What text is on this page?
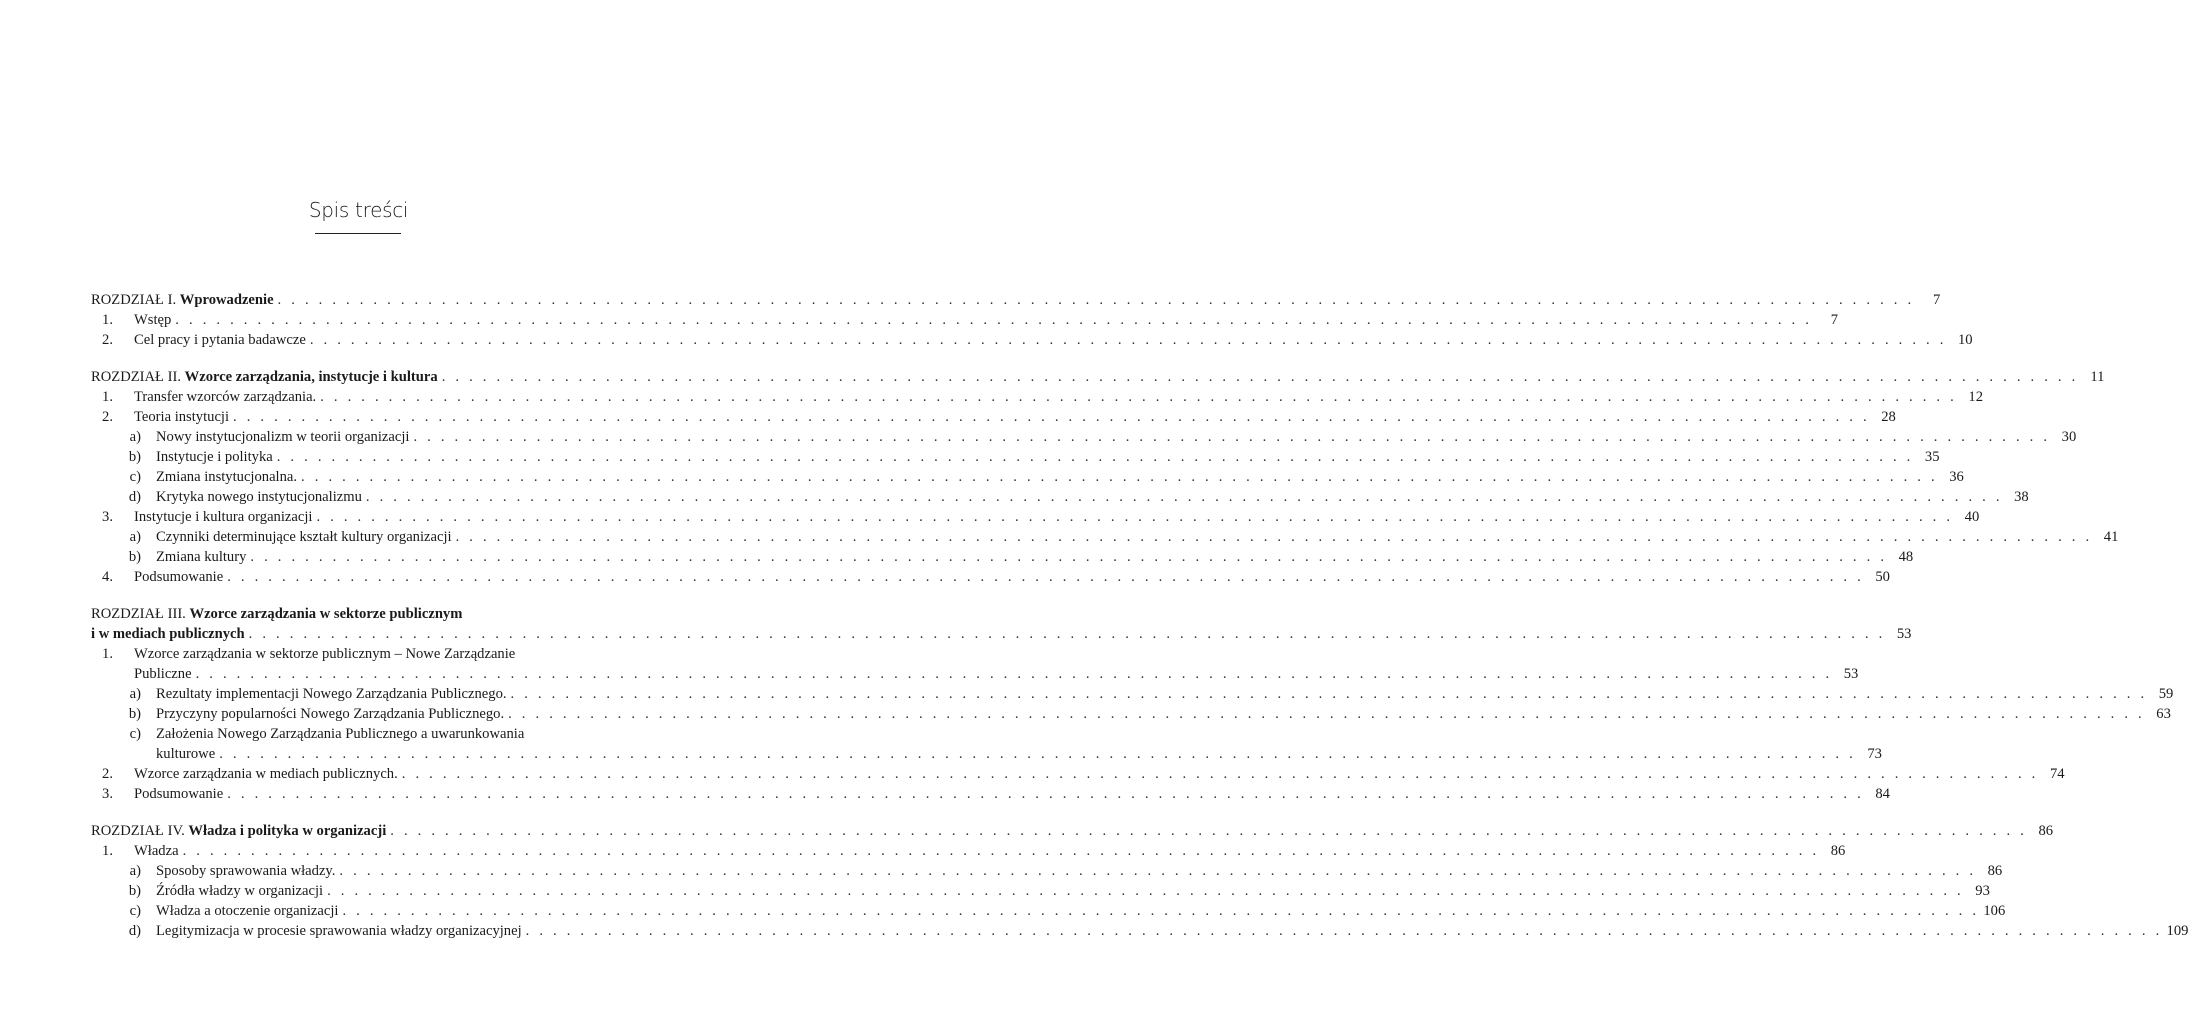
Spis treści
ROZDZIAŁ I. Wprowadzenie . . . . . . . . . . . . . . . . . . . . . . . . . . . . . . . . . . . . . . . . . . . . . . . . . . . . . . . . . . . . . . . . . . . . . . . . . . . . . . . . . . . . . . . . . . . . . . . . . . . . . . . . . . . . . . . . . . . . . . . .	7
1. Wstęp . . . . . . . . . . . . . . . . . . . . . . . . . . . . . . . . . . . . . . . . . . . . . . . . . . . . . . . . . . . . . . . . . . . . . . . . . . . . . . . . . . . . . . . . . . . . . . . . . . . . . . . . . . . . . . . . . . . . . . . .	7
2. Cel pracy i pytania badawcze . . . . . . . . . . . . . . . . . . . . . . . . . . . . . . . . . . . . . . . . . . . . . . . . . . . . . . . . . . . . . . . . . . . . . . . . . . . . . . . . . . . . . . . . . . . . . . . . . . . . . . . . . . . . . . . . . . . . . . . . 10
ROZDZIAŁ II. Wzorce zarządzania, instytucje i kultura . . . . . . . . . . . . . . . . . . . . . . . . . . . . . . . . . . . . . . . . . . . . . . . . . . . . . . . . . . . . . . . . . . . . . . . . . . . . . . . . . . . . . . . . . . . . . . . . . . . . . . . . . . . . . . . . . . . . . . . . 11
1. Transfer wzorców zarządzania. . . . . . . . . . . . . . . . . . . . . . . . . . . . . . . . . . . . . . . . . . . . . . . . . . . . . . . . . . . . . . . . . . . . . . . . . . . . . . . . . . . . . . . . . . . . . . . . . . . . . . . . . . . . . . . . . . . . . . . . . 12
2. Teoria instytucji . . . . . . . . . . . . . . . . . . . . . . . . . . . . . . . . . . . . . . . . . . . . . . . . . . . . . . . . . . . . . . . . . . . . . . . . . . . . . . . . . . . . . . . . . . . . . . . . . . . . . . . . . . . . . . . . . . . . . . . . 28
a) Nowy instytucjonalizm w teorii organizacji . . . . . . . . . . . . . . . . . . . . . . . . . . . . . . . . . . . . . . . . . . . . . . . . . . . . . . . . . . . . . . . . . . . . . . . . . . . . . . . . . . . . . . . . . . . . . . . . . . . . . . . . . . . . . . . . . . . . . . . . 30
b) Instytucje i polityka . . . . . . . . . . . . . . . . . . . . . . . . . . . . . . . . . . . . . . . . . . . . . . . . . . . . . . . . . . . . . . . . . . . . . . . . . . . . . . . . . . . . . . . . . . . . . . . . . . . . . . . . . . . . . . . . . . . . . . . . 35
c) Zmiana instytucjonalna. . . . . . . . . . . . . . . . . . . . . . . . . . . . . . . . . . . . . . . . . . . . . . . . . . . . . . . . . . . . . . . . . . . . . . . . . . . . . . . . . . . . . . . . . . . . . . . . . . . . . . . . . . . . . . . . . . . . . . . . . 36
d) Krytyka nowego instytucjonalizmu . . . . . . . . . . . . . . . . . . . . . . . . . . . . . . . . . . . . . . . . . . . . . . . . . . . . . . . . . . . . . . . . . . . . . . . . . . . . . . . . . . . . . . . . . . . . . . . . . . . . . . . . . . . . . . . . . . . . . . . . 38
3. Instytucje i kultura organizacji . . . . . . . . . . . . . . . . . . . . . . . . . . . . . . . . . . . . . . . . . . . . . . . . . . . . . . . . . . . . . . . . . . . . . . . . . . . . . . . . . . . . . . . . . . . . . . . . . . . . . . . . . . . . . . . . . . . . . . . . 40
a) Czynniki determinujące kształt kultury organizacji . . . . . . . . . . . . . . . . . . . . . . . . . . . . . . . . . . . . . . . . . . . . . . . . . . . . . . . . . . . . . . . . . . . . . . . . . . . . . . . . . . . . . . . . . . . . . . . . . . . . . . . . . . . . . . . . . . . . . . . . 41
b) Zmiana kultury . . . . . . . . . . . . . . . . . . . . . . . . . . . . . . . . . . . . . . . . . . . . . . . . . . . . . . . . . . . . . . . . . . . . . . . . . . . . . . . . . . . . . . . . . . . . . . . . . . . . . . . . . . . . . . . . . . . . . . . . 48
4. Podsumowanie . . . . . . . . . . . . . . . . . . . . . . . . . . . . . . . . . . . . . . . . . . . . . . . . . . . . . . . . . . . . . . . . . . . . . . . . . . . . . . . . . . . . . . . . . . . . . . . . . . . . . . . . . . . . . . . . . . . . . . . . 50
ROZDZIAŁ III. Wzorce zarządzania w sektorze publicznym
i w mediach publicznych . . . . . . . . . . . . . . . . . . . . . . . . . . . . . . . . . . . . . . . . . . . . . . . . . . . . . . . . . . . . . . . . . . . . . . . . . . . . . . . . . . . . . . . . . . . . . . . . . . . . . . . . . . . . . . . . . . . . . . . . 53
1. Wzorce zarządzania w sektorze publicznym – Nowe Zarządzanie
Publiczne . . . . . . . . . . . . . . . . . . . . . . . . . . . . . . . . . . . . . . . . . . . . . . . . . . . . . . . . . . . . . . . . . . . . . . . . . . . . . . . . . . . . . . . . . . . . . . . . . . . . . . . . . . . . . . . . . . . . . . . . 53
a) Rezultaty implementacji Nowego Zarządzania Publicznego. . . . . . . . . . . . . . . . . . . . . . . . . . . . . . . . . . . . . . . . . . . . . . . . . . . . . . . . . . . . . . . . . . . . . . . . . . . . . . . . . . . . . . . . . . . . . . . . . . . . . . . . . . . . . . . . . . . . . . . . . 59
b) Przyczyny popularności Nowego Zarządzania Publicznego. . . . . . . . . . . . . . . . . . . . . . . . . . . . . . . . . . . . . . . . . . . . . . . . . . . . . . . . . . . . . . . . . . . . . . . . . . . . . . . . . . . . . . . . . . . . . . . . . . . . . . . . . . . . . . . . . . . . . . . . . 63
c) Założenia Nowego Zarządzania Publicznego a uwarunkowania
kulturowe . . . . . . . . . . . . . . . . . . . . . . . . . . . . . . . . . . . . . . . . . . . . . . . . . . . . . . . . . . . . . . . . . . . . . . . . . . . . . . . . . . . . . . . . . . . . . . . . . . . . . . . . . . . . . . . . . . . . . . . . 73
2. Wzorce zarządzania w mediach publicznych. . . . . . . . . . . . . . . . . . . . . . . . . . . . . . . . . . . . . . . . . . . . . . . . . . . . . . . . . . . . . . . . . . . . . . . . . . . . . . . . . . . . . . . . . . . . . . . . . . . . . . . . . . . . . . . . . . . . . . . . . 74
3. Podsumowanie . . . . . . . . . . . . . . . . . . . . . . . . . . . . . . . . . . . . . . . . . . . . . . . . . . . . . . . . . . . . . . . . . . . . . . . . . . . . . . . . . . . . . . . . . . . . . . . . . . . . . . . . . . . . . . . . . . . . . . . . 84
ROZDZIAŁ IV. Władza i polityka w organizacji . . . . . . . . . . . . . . . . . . . . . . . . . . . . . . . . . . . . . . . . . . . . . . . . . . . . . . . . . . . . . . . . . . . . . . . . . . . . . . . . . . . . . . . . . . . . . . . . . . . . . . . . . . . . . . . . . . . . . . . . 86
1. Władza . . . . . . . . . . . . . . . . . . . . . . . . . . . . . . . . . . . . . . . . . . . . . . . . . . . . . . . . . . . . . . . . . . . . . . . . . . . . . . . . . . . . . . . . . . . . . . . . . . . . . . . . . . . . . . . . . . . . . . . . 86
a) Sposoby sprawowania władzy. . . . . . . . . . . . . . . . . . . . . . . . . . . . . . . . . . . . . . . . . . . . . . . . . . . . . . . . . . . . . . . . . . . . . . . . . . . . . . . . . . . . . . . . . . . . . . . . . . . . . . . . . . . . . . . . . . . . . . . . . 86
b) Źródła władzy w organizacji . . . . . . . . . . . . . . . . . . . . . . . . . . . . . . . . . . . . . . . . . . . . . . . . . . . . . . . . . . . . . . . . . . . . . . . . . . . . . . . . . . . . . . . . . . . . . . . . . . . . . . . . . . . . . . . . . . . . . . . . 93
c) Władza a otoczenie organizacji . . . . . . . . . . . . . . . . . . . . . . . . . . . . . . . . . . . . . . . . . . . . . . . . . . . . . . . . . . . . . . . . . . . . . . . . . . . . . . . . . . . . . . . . . . . . . . . . . . . . . . . . . . . . . . . . . . . . . . . . 106
d) Legitymizacja w procesie sprawowania władzy organizacyjnej . . . . . . . . . . . . . . . . . . . . . . . . . . . . . . . . . . . . . . . . . . . . . . . . . . . . . . . . . . . . . . . . . . . . . . . . . . . . . . . . . . . . . . . . . . . . . . . . . . . . . . . . . . . . . . . . . . . . . . . . 109
